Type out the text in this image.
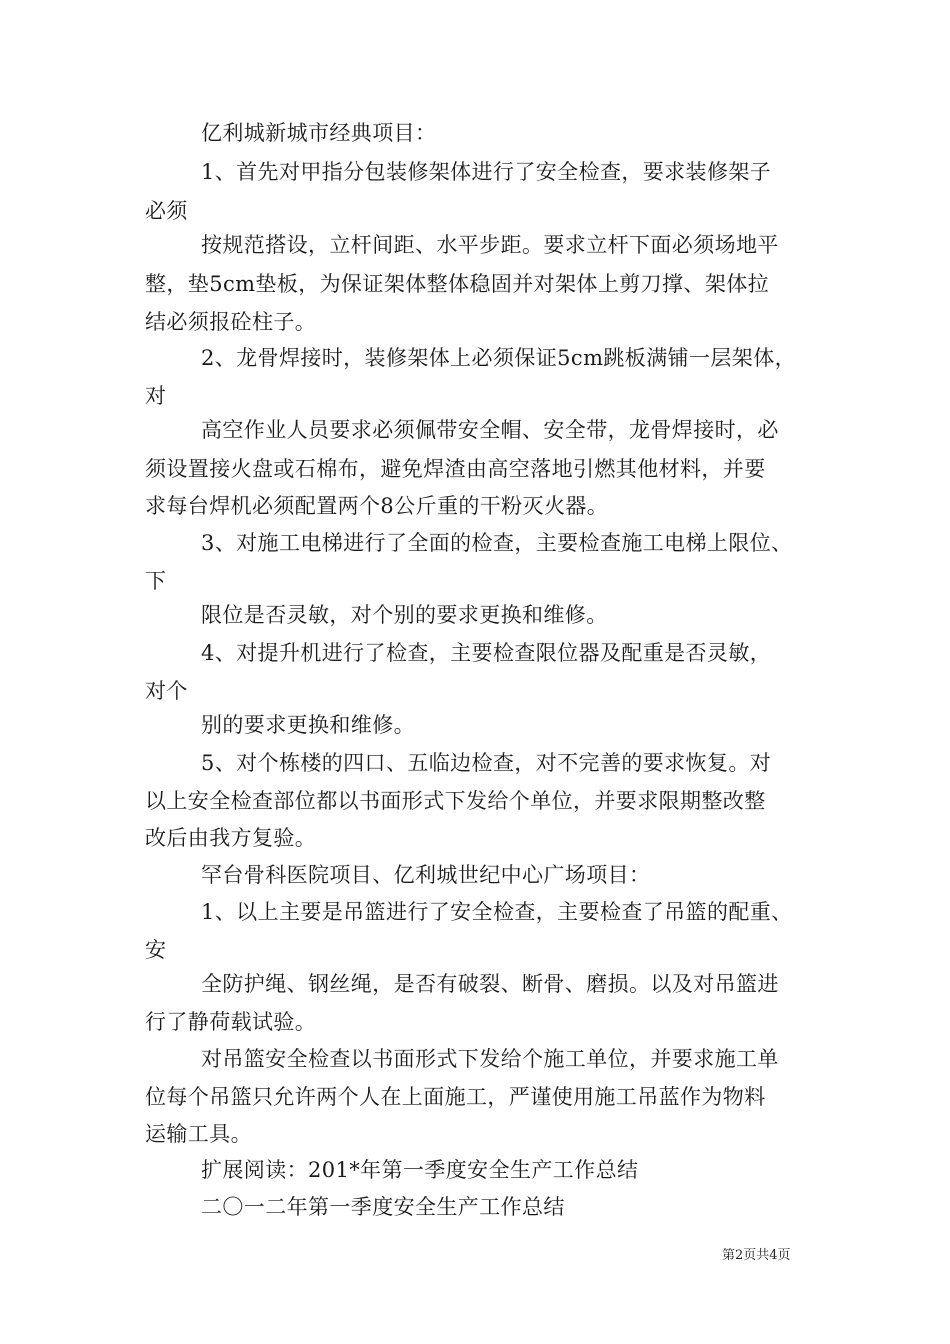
亿利城新城市经典项目：
1、首先对甲指分包装修架体进行了安全检查，要求装修架子
必须
按规范搭设，立杆间距、水平步距。要求立杆下面必须场地平
整，垫5cm垫板，为保证架体整体稳固并对架体上剪刀撑、架体拉
结必须报砼柱子。
2、龙骨焊接时，装修架体上必须保证5cm跳板满铺一层架体，
对
高空作业人员要求必须佩带安全帽、安全带，龙骨焊接时，必
须设置接火盘或石棉布，避免焊渣由高空落地引燃其他材料，并要
求每台焊机必须配置两个8公斤重的干粉灭火器。
3、对施工电梯进行了全面的检查，主要检查施工电梯上限位、
下
限位是否灵敏，对个别的要求更换和维修。
4、对提升机进行了检查，主要检查限位器及配重是否灵敏，
对个
别的要求更换和维修。
5、对个栋楼的四口、五临边检查，对不完善的要求恢复。对
以上安全检查部位都以书面形式下发给个单位，并要求限期整改整
改后由我方复验。
罕台骨科医院项目、亿利城世纪中心广场项目：
1、以上主要是吊篮进行了安全检查，主要检查了吊篮的配重、
安
全防护绳、钢丝绳，是否有破裂、断骨、磨损。以及对吊篮进
行了静荷载试验。
对吊篮安全检查以书面形式下发给个施工单位，并要求施工单
位每个吊篮只允许两个人在上面施工，严谨使用施工吊蓝作为物料
运输工具。
扩展阅读：201*年第一季度安全生产工作总结
二〇一二年第一季度安全生产工作总结
第2页共4页
